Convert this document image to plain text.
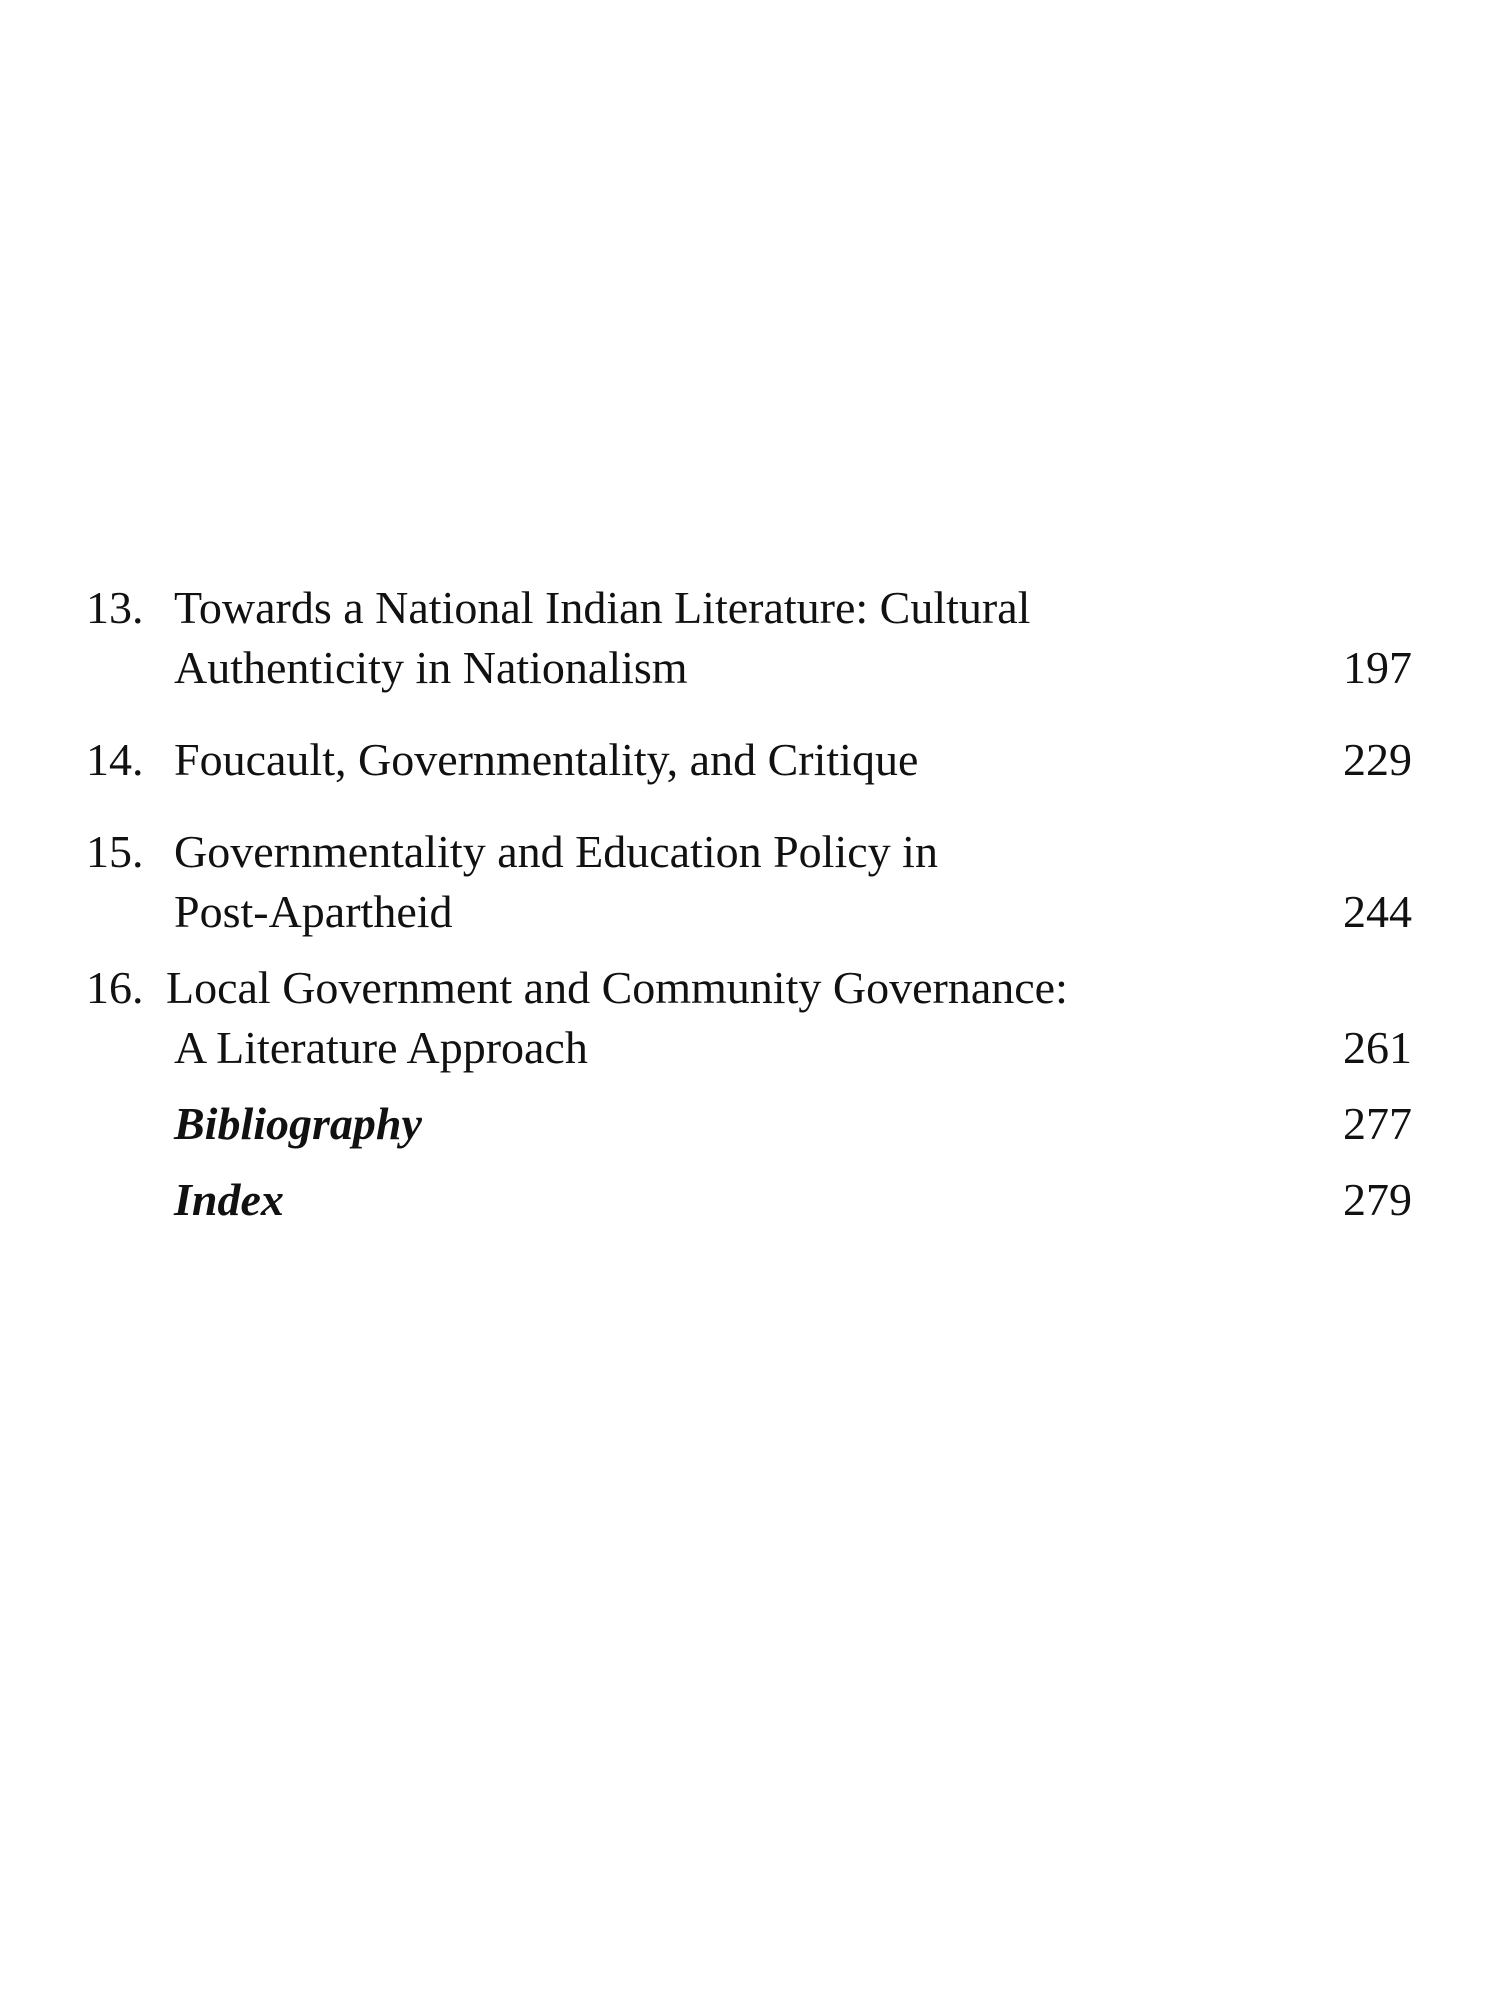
13. Towards a National Indian Literature: Cultural
Authenticity in Nationalism	197
14. Foucault, Governmentality, and Critique	229
15. Governmentality and Education Policy in
Post-Apartheid	244
16. Local Government and Community Governance:
A Literature Approach	261
Bibliography	277
Index	279
